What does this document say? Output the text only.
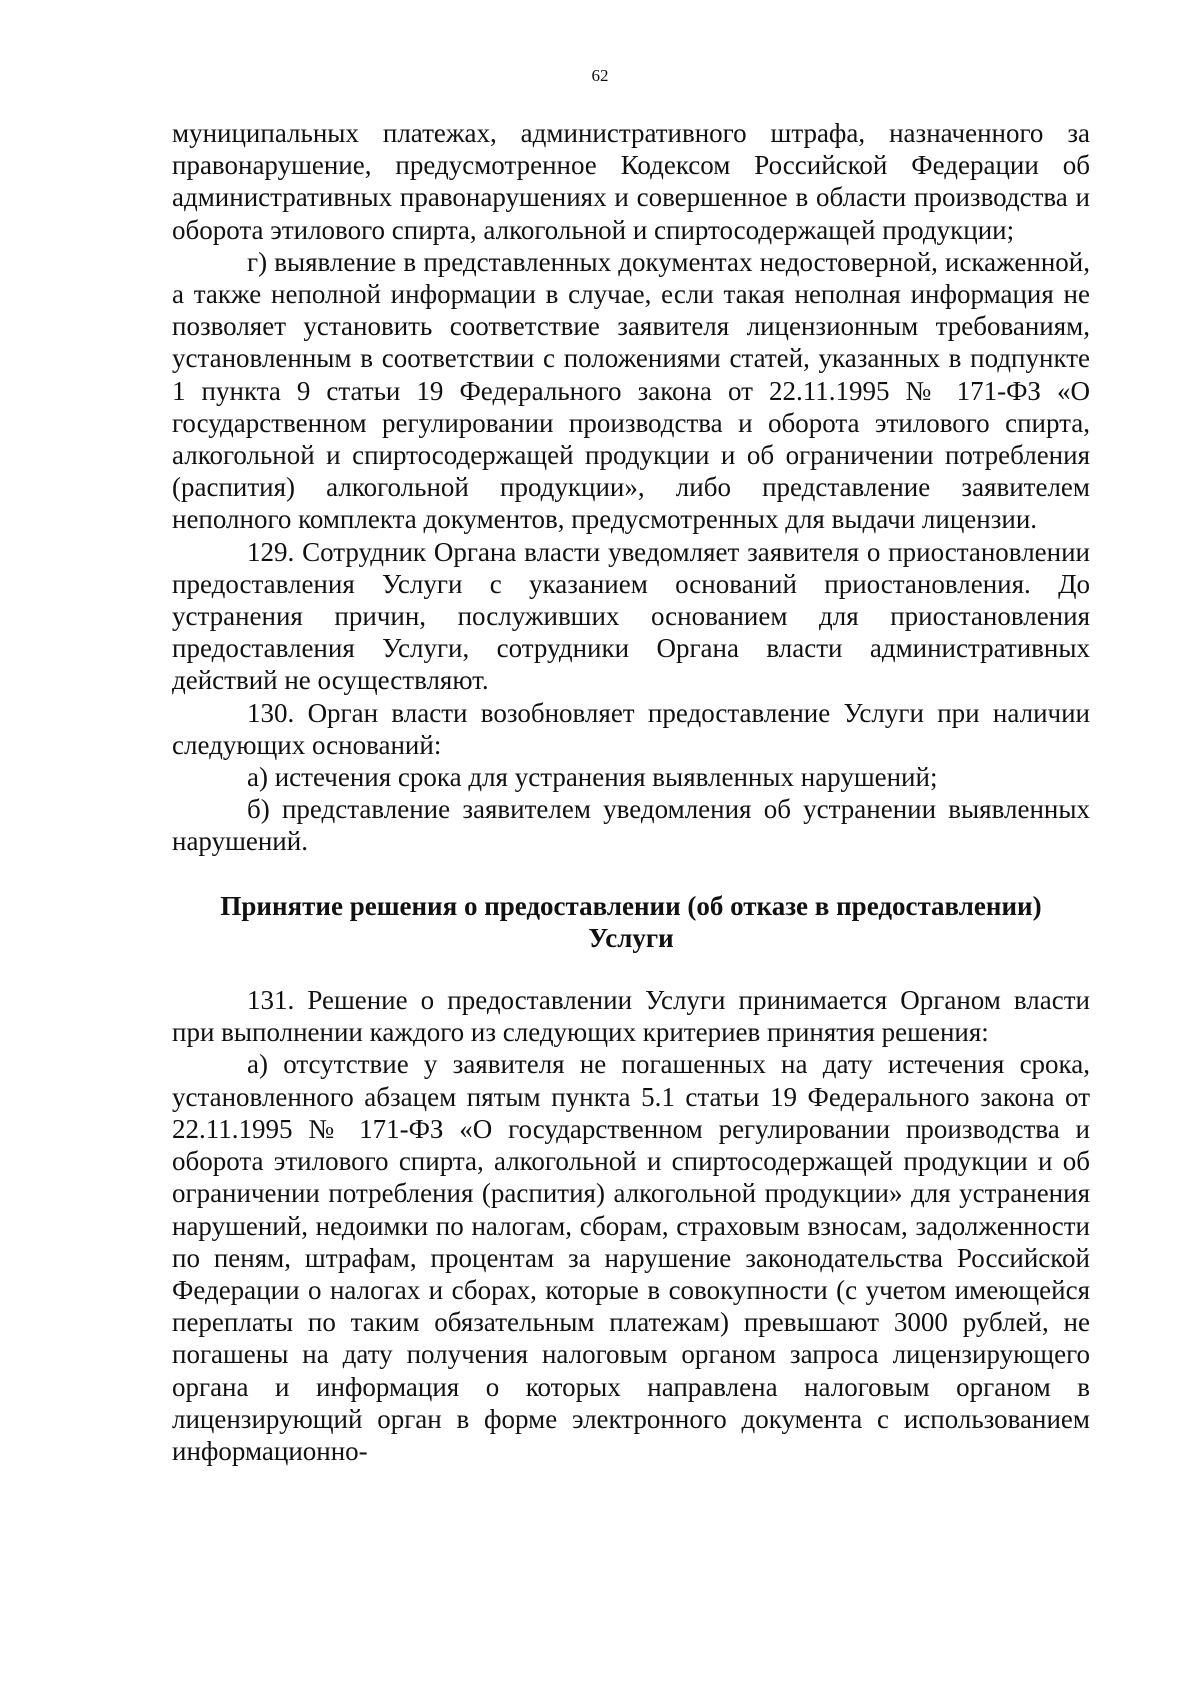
62

муниципальных платежах, административного штрафа, назначенного за правонарушение, предусмотренное Кодексом Российской Федерации об административных правонарушениях и совершенное в области производства и оборота этилового спирта, алкогольной и спиртосодержащей продукции;

г) выявление в представленных документах недостоверной, искаженной, а также неполной информации в случае, если такая неполная информация не позволяет установить соответствие заявителя лицензионным требованиям, установленным в соответствии с положениями статей, указанных в подпункте 1 пункта 9 статьи 19 Федерального закона от 22.11.1995 № 171-ФЗ «О государственном регулировании производства и оборота этилового спирта, алкогольной и спиртосодержащей продукции и об ограничении потребления (распития) алкогольной продукции», либо представление заявителем неполного комплекта документов, предусмотренных для выдачи лицензии.

129. Сотрудник Органа власти уведомляет заявителя о приостановлении предоставления Услуги с указанием оснований приостановления. До устранения причин, послуживших основанием для приостановления предоставления Услуги, сотрудники Органа власти административных действий не осуществляют.

130. Орган власти возобновляет предоставление Услуги при наличии следующих оснований:

а) истечения срока для устранения выявленных нарушений;

б) представление заявителем уведомления об устранении выявленных нарушений.

Принятие решения о предоставлении (об отказе в предоставлении)
Услуги

131. Решение о предоставлении Услуги принимается Органом власти при выполнении каждого из следующих критериев принятия решения:

а) отсутствие у заявителя не погашенных на дату истечения срока, установленного абзацем пятым пункта 5.1 статьи 19 Федерального закона от 22.11.1995 № 171-ФЗ «О государственном регулировании производства и оборота этилового спирта, алкогольной и спиртосодержащей продукции и об ограничении потребления (распития) алкогольной продукции» для устранения нарушений, недоимки по налогам, сборам, страховым взносам, задолженности по пеням, штрафам, процентам за нарушение законодательства Российской Федерации о налогах и сборах, которые в совокупности (с учетом имеющейся переплаты по таким обязательным платежам) превышают 3000 рублей, не погашены на дату получения налоговым органом запроса лицензирующего органа и информация о которых направлена налоговым органом в лицензирующий орган в форме электронного документа с использованием информационно-
